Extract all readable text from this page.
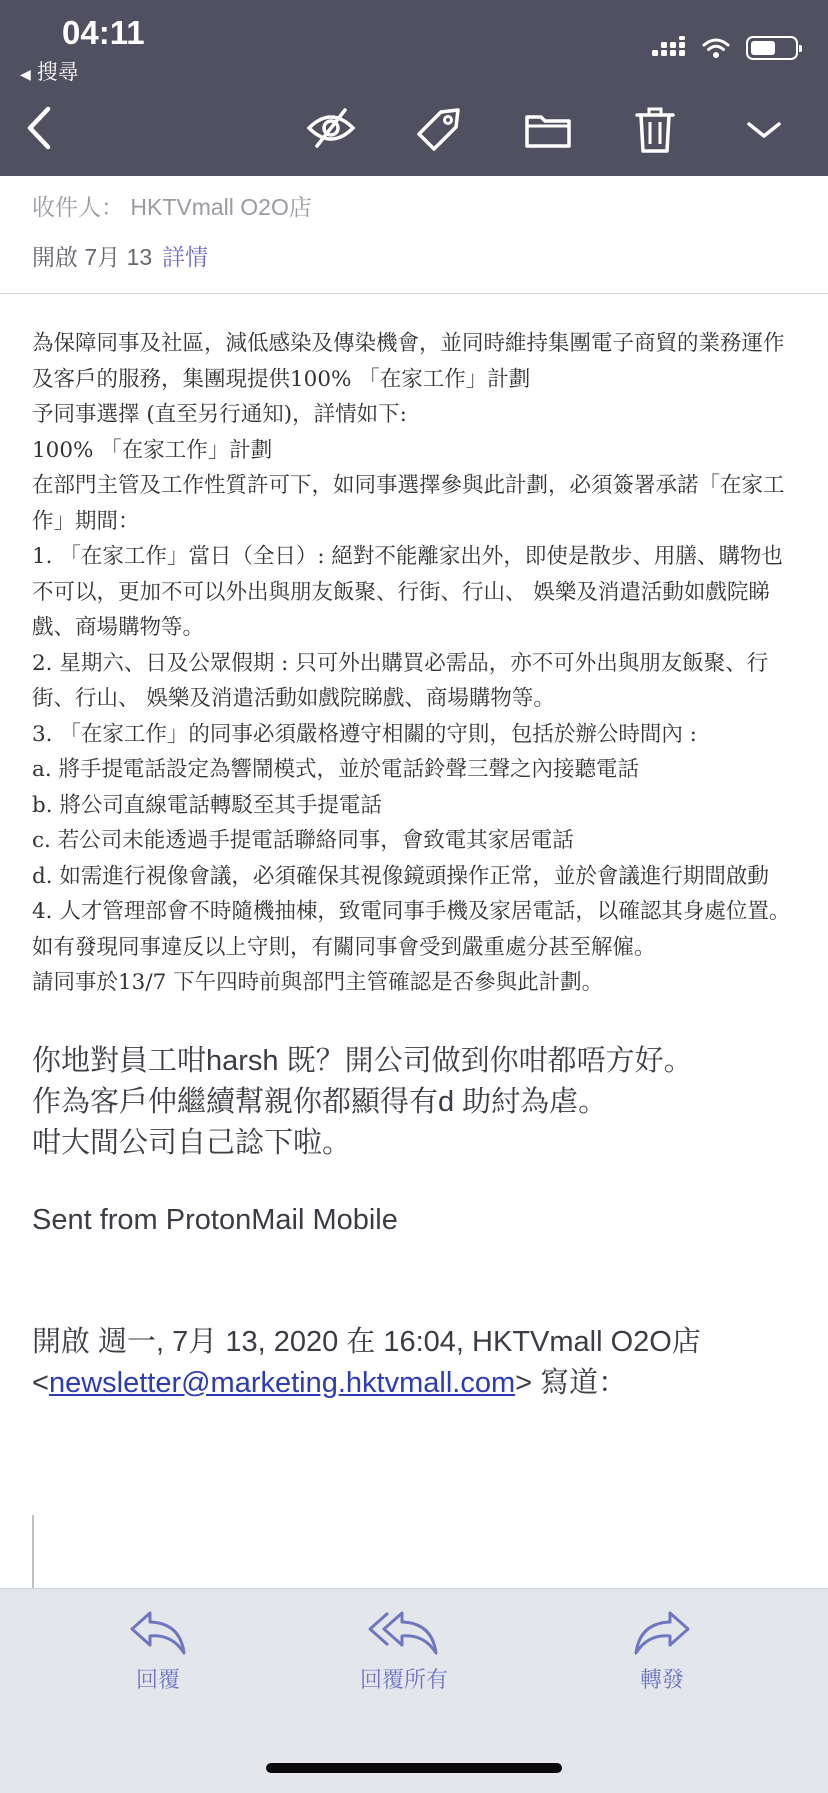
04:11
◀ 搜尋
收件人： HKTVmall O2O店
開啟 7月 13 詳情

為保障同事及社區，減低感染及傳染機會，並同時維持集團電子商貿的業務運作及客戶的服務，集團現提供100% 「在家工作」計劃

予同事選擇 (直至另行通知)，詳情如下:

100% 「在家工作」計劃

在部門主管及工作性質許可下，如同事選擇參與此計劃，必須簽署承諾「在家工作」期間：

1. 「在家工作」當日（全日）: 絕對不能離家出外，即使是散步、用膳、購物也不可以，更加不可以外出與朋友飯聚、行街、行山、 娛樂及消遣活動如戲院睇戲、商場購物等。

2. 星期六、日及公眾假期 : 只可外出購買必需品，亦不可外出與朋友飯聚、行街、行山、 娛樂及消遣活動如戲院睇戲、商場購物等。

3. 「在家工作」的同事必須嚴格遵守相關的守則，包括於辦公時間內 :

a. 將手提電話設定為響鬧模式，並於電話鈴聲三聲之內接聽電話

b. 將公司直線電話轉駁至其手提電話

c. 若公司未能透過手提電話聯絡同事，會致電其家居電話

d. 如需進行視像會議，必須確保其視像鏡頭操作正常，並於會議進行期間啟動

4. 人才管理部會不時隨機抽棟，致電同事手機及家居電話，以確認其身處位置。如有發現同事違反以上守則，有關同事會受到嚴重處分甚至解僱。

請同事於13/7 下午四時前與部門主管確認是否參與此計劃。

你地對員工咁harsh 既？開公司做到你咁都唔方好。

作為客戶仲繼續幫親你都顯得有d 助紂為虐。

咁大間公司自己諗下啦。

Sent from ProtonMail Mobile
開啟 週一, 7月 13, 2020 在 16:04, HKTVmall O2O店
<newsletter@marketing.hktvmall.com> 寫道：
回覆	回覆所有	轉發
